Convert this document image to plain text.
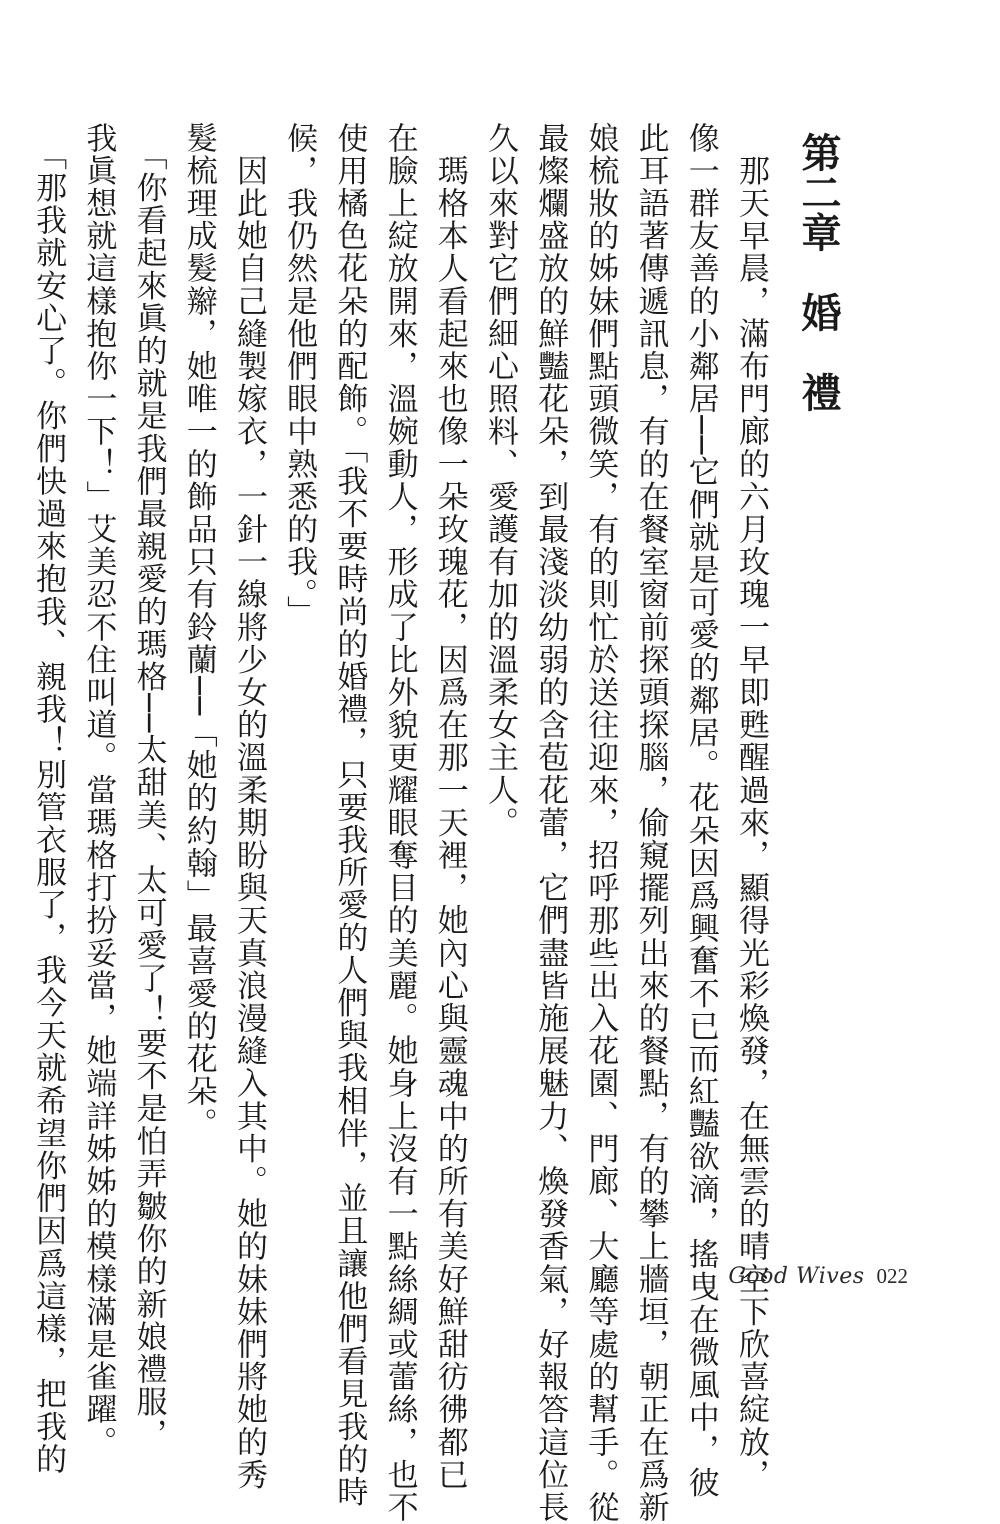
第二章　婚　禮
　那天早晨，滿布門廊的六月玫瑰一早即甦醒過來，顯得光彩煥發，在無雲的晴空下欣喜綻放，
像一群友善的小鄰居──它們就是可愛的鄰居。花朵因爲興奮不已而紅豔欲滴，搖曳在微風中，彼
此耳語著傳遞訊息，有的在餐室窗前探頭探腦，偷窺擺列出來的餐點，有的攀上牆垣，朝正在爲新
娘梳妝的姊妹們點頭微笑，有的則忙於送往迎來，招呼那些出入花園、門廊、大廳等處的幫手。從
最燦爛盛放的鮮豔花朵，到最淺淡幼弱的含苞花蕾，它們盡皆施展魅力、煥發香氣，好報答這位長
久以來對它們細心照料、愛護有加的溫柔女主人。
　瑪格本人看起來也像一朵玫瑰花，因爲在那一天裡，她內心與靈魂中的所有美好鮮甜彷彿都已
在臉上綻放開來，溫婉動人，形成了比外貌更耀眼奪目的美麗。她身上沒有一點絲綢或蕾絲，也不
使用橘色花朵的配飾。「我不要時尚的婚禮，只要我所愛的人們與我相伴，並且讓他們看見我的時
候，我仍然是他們眼中熟悉的我。」
　因此她自己縫製嫁衣，一針一線將少女的溫柔期盼與天真浪漫縫入其中。她的妹妹們將她的秀
髮梳理成髮辮，她唯一的飾品只有鈴蘭──「她的約翰」最喜愛的花朵。
　「你看起來眞的就是我們最親愛的瑪格──太甜美、太可愛了！要不是怕弄皺你的新娘禮服，
我眞想就這樣抱你一下！」艾美忍不住叫道。當瑪格打扮妥當，她端詳姊姊的模樣滿是雀躍。
　「那我就安心了。你們快過來抱我、親我！別管衣服了，我今天就希望你們因爲這樣，把我的	Good Wives 022
